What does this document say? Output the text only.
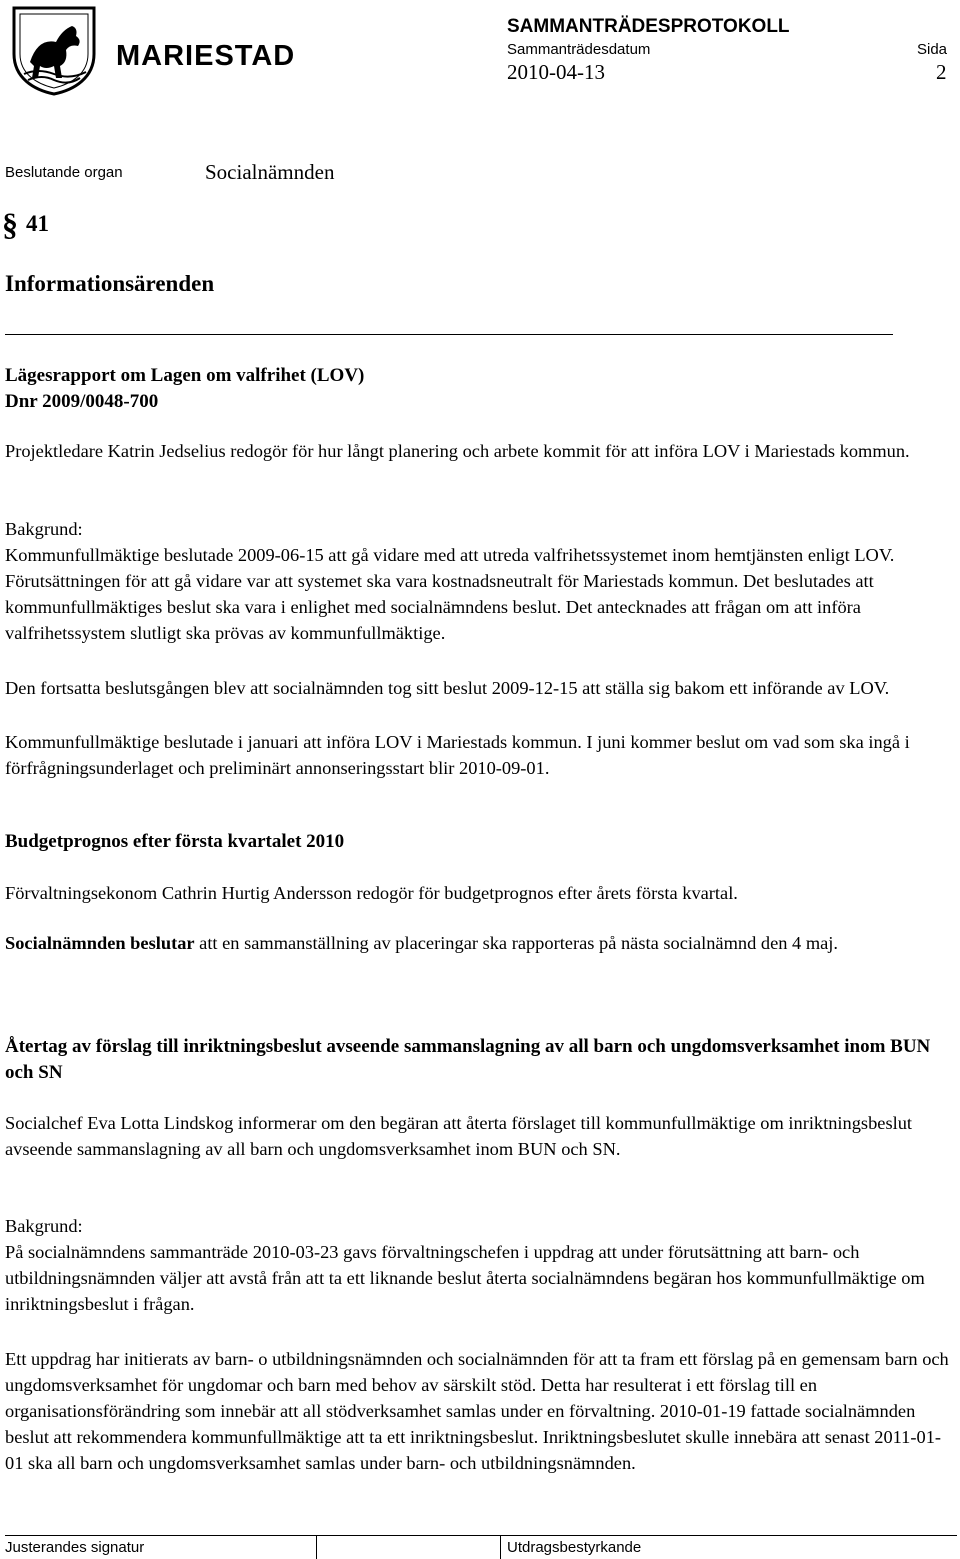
MARIESTAD
SAMMANTRÄDESPROTOKOLL
Sammanträdesdatum	Sida
2010-04-13	2
Beslutande organ	Socialnämnden
§ 41
Informationsärenden
Lägesrapport om Lagen om valfrihet (LOV)
Dnr 2009/0048-700
Projektledare Katrin Jedselius redogör för hur långt planering och arbete kommit för att införa LOV i Mariestads kommun.
Bakgrund:
Kommunfullmäktige beslutade 2009-06-15 att gå vidare med att utreda valfrihetssystemet inom hemtjänsten enligt LOV. Förutsättningen för att gå vidare var att systemet ska vara kostnadsneutralt för Mariestads kommun. Det beslutades att kommunfullmäktiges beslut ska vara i enlighet med socialnämndens beslut. Det antecknades att frågan om att införa valfrihetssystem slutligt ska prövas av kommunfullmäktige.
Den fortsatta beslutsgången blev att socialnämnden tog sitt beslut 2009-12-15 att ställa sig bakom ett införande av LOV.
Kommunfullmäktige beslutade i januari att införa LOV i Mariestads kommun. I juni kommer beslut om vad som ska ingå i förfrågningsunderlaget och preliminärt annonseringsstart blir 2010-09-01.
Budgetprognos efter första kvartalet 2010
Förvaltningsekonom Cathrin Hurtig Andersson redogör för budgetprognos efter årets första kvartal.
Socialnämnden beslutar att en sammanställning av placeringar ska rapporteras på nästa socialnämnd den 4 maj.
Återtag av förslag till inriktningsbeslut avseende sammanslagning av all barn och ungdomsverksamhet inom BUN och SN
Socialchef Eva Lotta Lindskog informerar om den begäran att återta förslaget till kommunfullmäktige om inriktningsbeslut avseende sammanslagning av all barn och ungdomsverksamhet inom BUN och SN.
Bakgrund:
På socialnämndens sammanträde 2010-03-23 gavs förvaltningschefen i uppdrag att under förutsättning att barn- och utbildningsnämnden väljer att avstå från att ta ett liknande beslut återta socialnämndens begäran hos kommunfullmäktige om inriktningsbeslut i frågan.
Ett uppdrag har initierats av barn- o utbildningsnämnden och socialnämnden för att ta fram ett förslag på en gemensam barn och ungdomsverksamhet för ungdomar och barn med behov av särskilt stöd. Detta har resulterat i ett förslag till en organisationsförändring som innebär att all stödverksamhet samlas under en förvaltning. 2010-01-19 fattade socialnämnden beslut att rekommendera kommunfullmäktige att ta ett inriktningsbeslut. Inriktningsbeslutet skulle innebära att senast 2011-01-01 ska all barn och ungdomsverksamhet samlas under barn- och utbildningsnämnden.
Justerandes signatur	Utdragsbestyrkande
